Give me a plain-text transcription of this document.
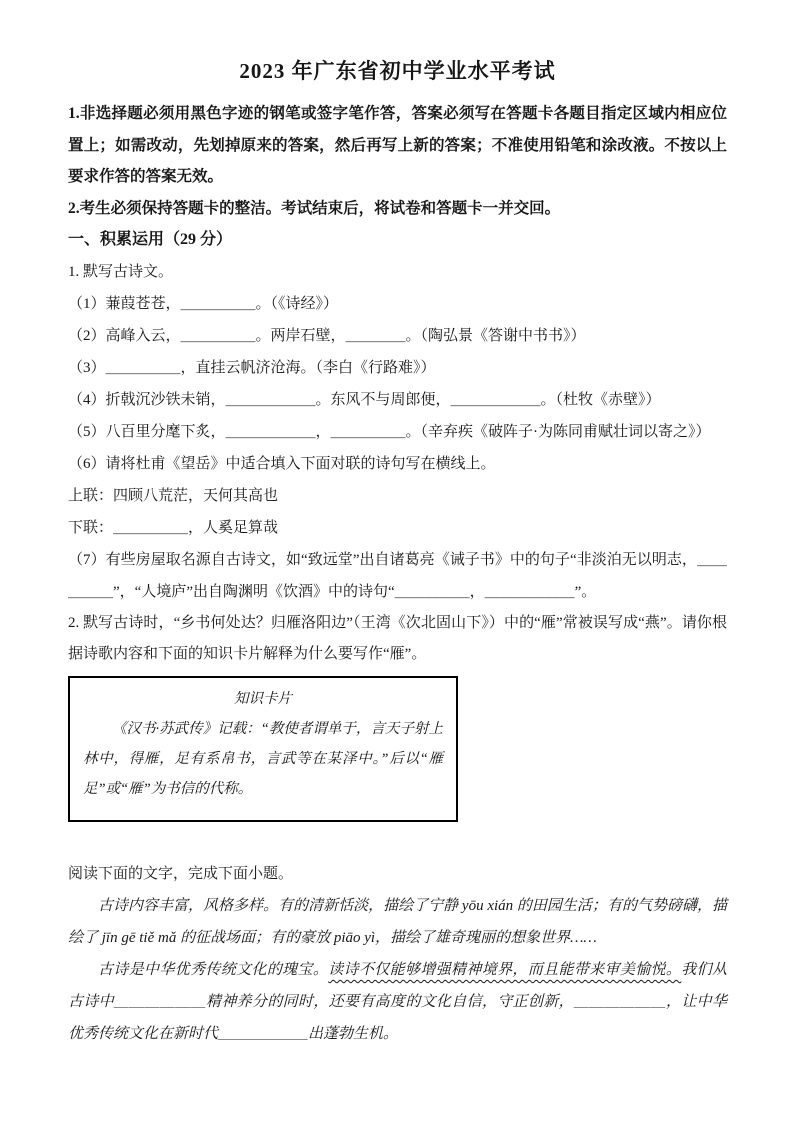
2023 年广东省初中学业水平考试
1.非选择题必须用黑色字迹的钢笔或签字笔作答，答案必须写在答题卡各题目指定区域内相应位置上；如需改动，先划掉原来的答案，然后再写上新的答案；不准使用铅笔和涂改液。不按以上要求作答的答案无效。
2.考生必须保持答题卡的整洁。考试结束后，将试卷和答题卡一并交回。
一、积累运用（29 分）
1. 默写古诗文。
（1）蒹葭苍苍，＿＿＿＿＿。（《诗经》）
（2）高峰入云，＿＿＿＿＿。两岸石壁，＿＿＿＿。（陶弘景《答谢中书书》）
（3）＿＿＿＿＿，直挂云帆济沧海。（李白《行路难》）
（4）折戟沉沙铁未销，＿＿＿＿＿＿。东风不与周郎便，＿＿＿＿＿＿。（杜牧《赤壁》）
（5）八百里分麾下炙，＿＿＿＿＿＿，＿＿＿＿＿。（辛弃疾《破阵子·为陈同甫赋壮词以寄之》）
（6）请将杜甫《望岳》中适合填入下面对联的诗句写在横线上。
上联：四顾八荒茫，天何其高也
下联：＿＿＿＿＿，人奚足算哉
（7）有些房屋取名源自古诗文，如“致远堂”出自诸葛亮《诫子书》中的句子“非淡泊无以明志，＿＿＿＿＿”，“人境庐”出自陶渊明《饮酒》中的诗句“＿＿＿＿＿，＿＿＿＿＿＿”。
2. 默写古诗时，“乡书何处达？归雁洛阳边”（王湾《次北固山下》）中的“雁”常被误写成“燕”。请你根据诗歌内容和下面的知识卡片解释为什么要写作“雁”。
知识卡片
《汉书·苏武传》记载：“教使者谓单于，言天子射上林中，得雁，足有系帛书，言武等在某泽中。”后以“雁足”或“雁”为书信的代称。
阅读下面的文字，完成下面小题。
古诗内容丰富，风格多样。有的清新恬淡，描绘了宁静 yōu xián 的田园生活；有的气势磅礴，描绘了 jīn gē tiě mǎ 的征战场面；有的豪放 piāo yì，描绘了雄奇瑰丽的想象世界……
古诗是中华优秀传统文化的瑰宝。读诗不仅能够增强精神境界，而且能带来审美愉悦。我们从古诗中＿＿＿＿＿＿精神养分的同时，还要有高度的文化自信，守正创新，＿＿＿＿＿＿，让中华优秀传统文化在新时代＿＿＿＿＿＿出蓬勃生机。
